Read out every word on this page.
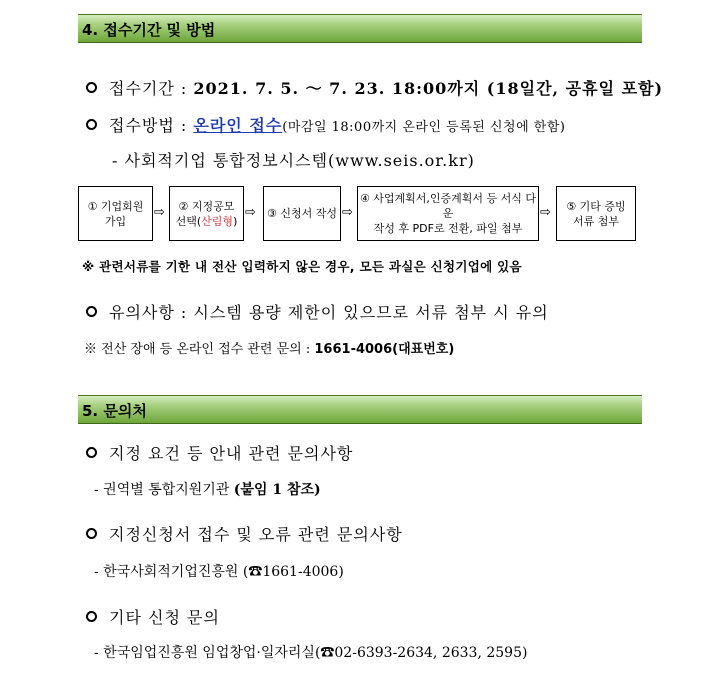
4. 접수기간 및 방법
접수기간 : 2021. 7. 5. ～ 7. 23. 18:00까지 (18일간, 공휴일 포함)
접수방법 : 온라인 접수(마감일 18:00까지 온라인 등록된 신청에 한함)
- 사회적기업 통합정보시스템(www.seis.or.kr)
① 기업회원
가입
⇨ ② 지정공모
선택(산림형)
⇨ ③ 신청서 작성 ⇨
④ 사업계획서,인증계획서 등 서식 다운
작성 후 PDF로 전환, 파일 첨부
⇨ ⑤ 기타 증빙
서류 첨부
※ 관련서류를 기한 내 전산 입력하지 않은 경우, 모든 과실은 신청기업에 있음
유의사항 : 시스템 용량 제한이 있으므로 서류 첨부 시 유의
※ 전산 장애 등 온라인 접수 관련 문의 : 1661-4006(대표번호)
5. 문의처
지정 요건 등 안내 관련 문의사항
- 권역별 통합지원기관 (붙임 1 참조)
지정신청서 접수 및 오류 관련 문의사항
- 한국사회적기업진흥원 (☎1661-4006)
기타 신청 문의
- 한국임업진흥원 임업창업·일자리실(☎02-6393-2634, 2633, 2595)
